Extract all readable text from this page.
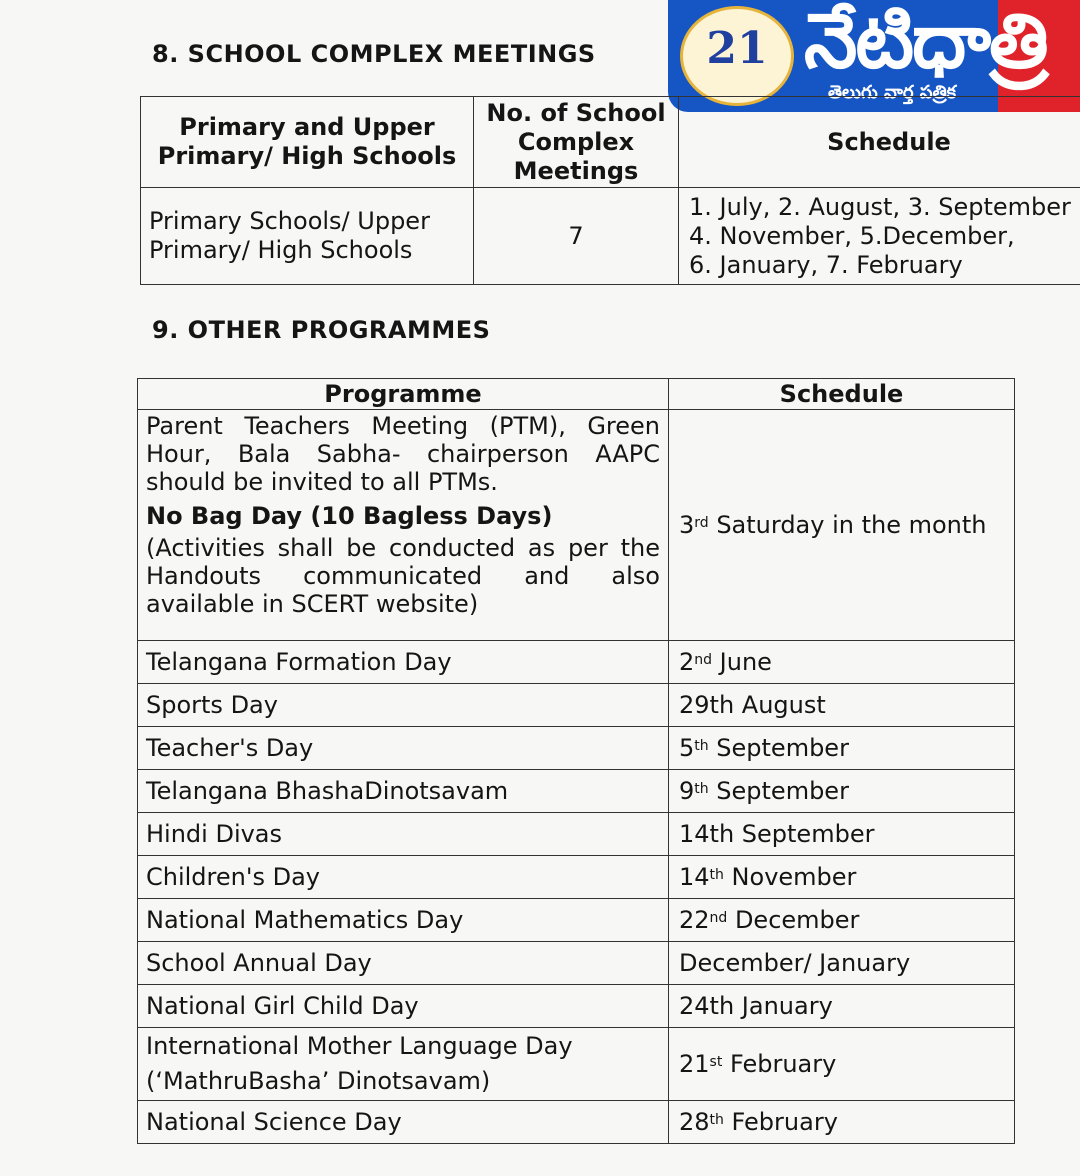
21 నేటిధాత్రి
తెలుగు వార్త పత్రిక
8. SCHOOL COMPLEX MEETINGS
Primary and Upper Primary/ High Schools	No. of School Complex Meetings	Schedule
Primary Schools/ Upper Primary/ High Schools	7	1. July, 2. August, 3. September
4. November, 5.December,
6. January, 7. February
9. OTHER PROGRAMMES
Programme	Schedule

Parent Teachers Meeting (PTM), Green Hour, Bala Sabha- chairperson AAPC should be invited to all PTMs.
No Bag Day (10 Bagless Days)
(Activities shall be conducted as per the Handouts communicated and also available in SCERT website)	3rd Saturday in the month

Telangana Formation Day	2nd June

Sports Day	29th August

Teacher's Day	5th September

Telangana BhashaDinotsavam	9th September

Hindi Divas	14th September

Children's Day	14th November

National Mathematics Day	22nd December

School Annual Day	December/ January

National Girl Child Day	24th January

International Mother Language Day
(‘MathruBasha’ Dinotsavam)	21st February

National Science Day	28th February
